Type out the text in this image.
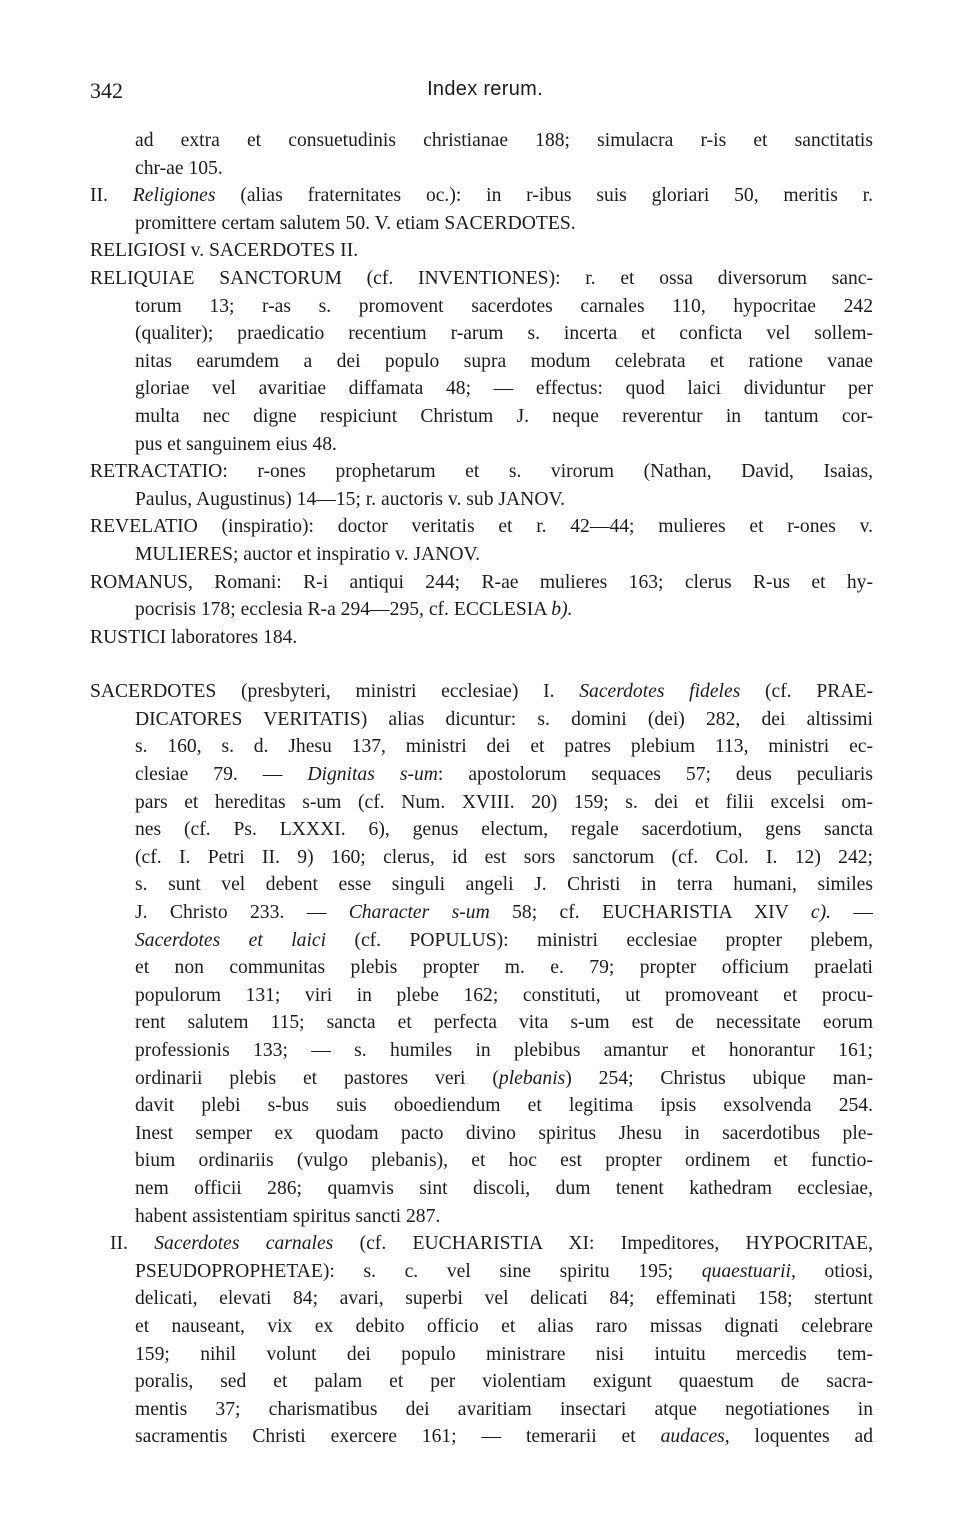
342	Index rerum.
ad extra et consuetudinis christianae 188; simulacra r-is et sanctitatis
chr-ae 105.
II. Religiones (alias fraternitates oc.): in r-ibus suis gloriari 50, meritis r.
promittere certam salutem 50. V. etiam SACERDOTES.
RELIGIOSI v. SACERDOTES II.
RELIQUIAE SANCTORUM (cf. INVENTIONES): r. et ossa diversorum sanc-
torum 13; r-as s. promovent sacerdotes carnales 110, hypocritae 242
(qualiter); praedicatio recentium r-arum s. incerta et conficta vel sollem-
nitas earumdem a dei populo supra modum celebrata et ratione vanae
gloriae vel avaritiae diffamata 48; — effectus: quod laici dividuntur per
multa nec digne respiciunt Christum J. neque reverentur in tantum cor-
pus et sanguinem eius 48.
RETRACTATIO: r-ones prophetarum et s. virorum (Nathan, David, Isaias,
Paulus, Augustinus) 14—15; r. auctoris v. sub JANOV.
REVELATIO (inspiratio): doctor veritatis et r. 42—44; mulieres et r-ones v.
MULIERES; auctor et inspiratio v. JANOV.
ROMANUS, Romani: R-i antiqui 244; R-ae mulieres 163; clerus R-us et hy-
pocrisis 178; ecclesia R-a 294—295, cf. ECCLESIA b).
RUSTICI laboratores 184.
SACERDOTES (presbyteri, ministri ecclesiae) I. Sacerdotes fideles (cf. PRAE-
DICATORES VERITATIS) alias dicuntur: s. domini (dei) 282, dei altissimi
s. 160, s. d. Jhesu 137, ministri dei et patres plebium 113, ministri ec-
clesiae 79. — Dignitas s-um: apostolorum sequaces 57; deus peculiaris
pars et hereditas s-um (cf. Num. XVIII. 20) 159; s. dei et filii excelsi om-
nes (cf. Ps. LXXXI. 6), genus electum, regale sacerdotium, gens sancta
(cf. I. Petri II. 9) 160; clerus, id est sors sanctorum (cf. Col. I. 12) 242;
s. sunt vel debent esse singuli angeli J. Christi in terra humani, similes
J. Christo 233. — Character s-um 58; cf. EUCHARISTIA XIV c). —
Sacerdotes et laici (cf. POPULUS): ministri ecclesiae propter plebem,
et non communitas plebis propter m. e. 79; propter officium praelati
populorum 131; viri in plebe 162; constituti, ut promoveant et procu-
rent salutem 115; sancta et perfecta vita s-um est de necessitate eorum
professionis 133; — s. humiles in plebibus amantur et honorantur 161;
ordinarii plebis et pastores veri (plebanis) 254; Christus ubique man-
davit plebi s-bus suis oboediendum et legitima ipsis exsolvenda 254.
Inest semper ex quodam pacto divino spiritus Jhesu in sacerdotibus ple-
bium ordinariis (vulgo plebanis), et hoc est propter ordinem et functio-
nem officii 286; quamvis sint discoli, dum tenent kathedram ecclesiae,
habent assistentiam spiritus sancti 287.
II. Sacerdotes carnales (cf. EUCHARISTIA XI: Impeditores, HYPOCRITAE,
PSEUDOPROPHETAE): s. c. vel sine spiritu 195; quaestuarii, otiosi,
delicati, elevati 84; avari, superbi vel delicati 84; effeminati 158; stertunt
et nauseant, vix ex debito officio et alias raro missas dignati celebrare
159; nihil volunt dei populo ministrare nisi intuitu mercedis tem-
poralis, sed et palam et per violentiam exigunt quaestum de sacra-
mentis 37; charismatibus dei avaritiam insectari atque negotiationes in
sacramentis Christi exercere 161; — temerarii et audaces, loquentes ad
